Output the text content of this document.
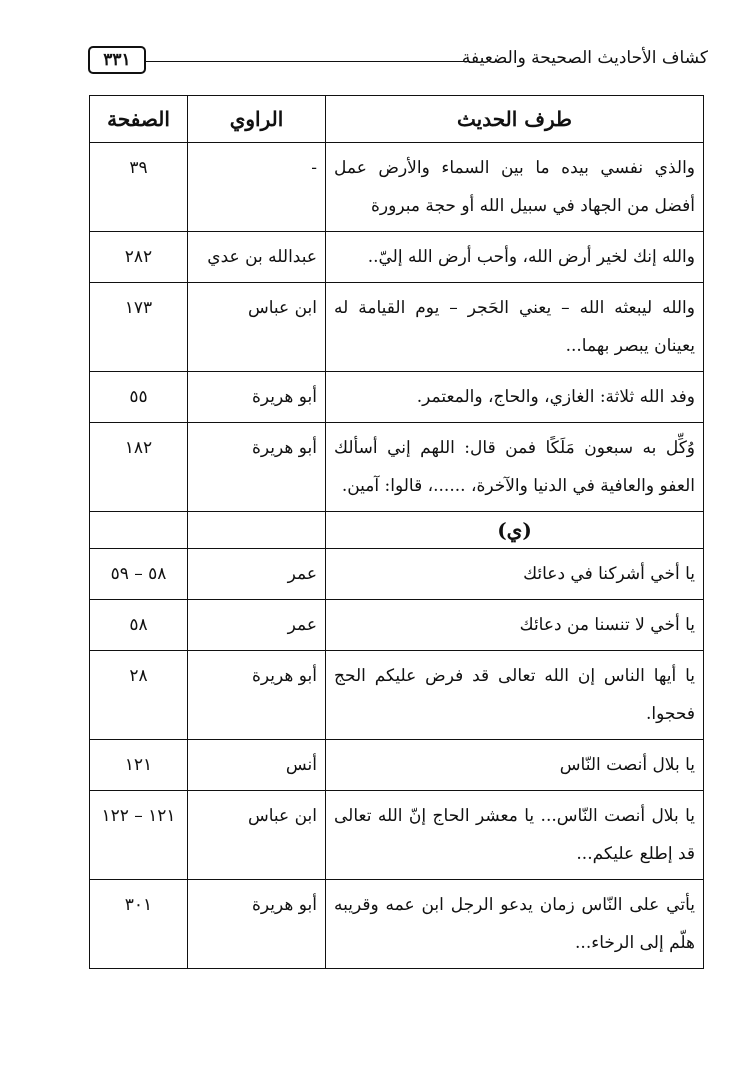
كشاف الأحاديث الصحيحة والضعيفة
٣٣١
طرف الحديث	الراوي	الصفحة
والذي نفسي بيده ما بين السماء والأرض عمل أفضل من الجهاد في سبيل الله أو حجة مبرورة	-	٣٩
والله إنك لخير أرض الله، وأحب أرض الله إليّ..	عبدالله بن عدي	٢٨٢
والله ليبعثه الله – يعني الحَجر – يوم القيامة له يعينان يبصر بهما...	ابن عباس	١٧٣
وفد الله ثلاثة: الغازي، والحاج، والمعتمر.	أبو هريرة	٥٥
وُكِّل به سبعون مَلَكًا فمن قال: اللهم إني أسألك العفو والعافية في الدنيا والآخرة، ......، قالوا: آمين.	أبو هريرة	١٨٢
(ي)		
يا أخي أشركنا في دعائك	عمر	٥٨ – ٥٩
يا أخي لا تنسنا من دعائك	عمر	٥٨
يا أيها الناس إن الله تعالى قد فرض عليكم الحج فحجوا.	أبو هريرة	٢٨
يا بلال أنصت النّاس	أنس	١٢١
يا بلال أنصت النّاس... يا معشر الحاج إنّ الله تعالى قد إطلع عليكم...	ابن عباس	١٢١ – ١٢٢
يأتي على النّاس زمان يدعو الرجل ابن عمه وقريبه هلّم إلى الرخاء...	أبو هريرة	٣٠١
